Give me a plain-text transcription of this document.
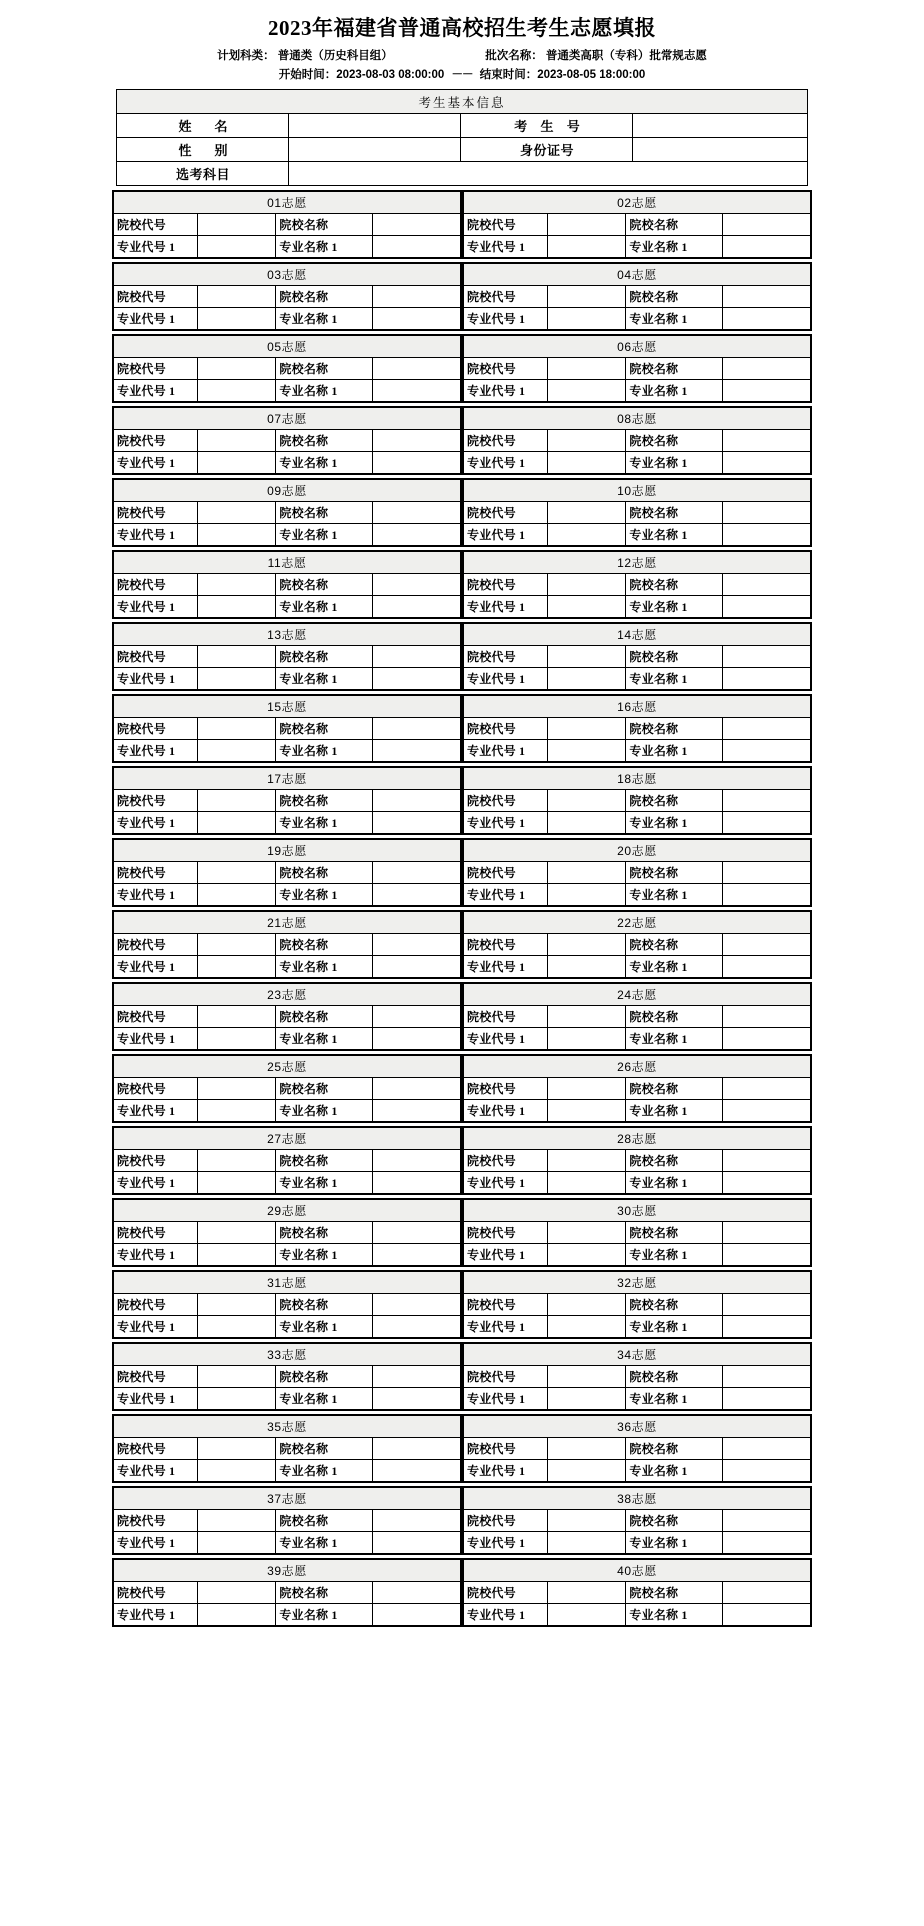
2023年福建省普通高校招生考生志愿填报
计划科类： 普通类（历史科目组）	批次名称： 普通类高职（专科）批常规志愿
开始时间：2023-08-03 08:00:00 －－ 结束时间：2023-08-05 18:00:00
考生基本信息			
姓　名		考 生 号	
性　别		身份证号	
选考科目			
01志愿
院校代号		院校名称	
专业代号 1		专业名称 1	

02志愿
院校代号		院校名称	
专业代号 1		专业名称 1	

03志愿
院校代号		院校名称	
专业代号 1		专业名称 1	

04志愿
院校代号		院校名称	
专业代号 1		专业名称 1	

05志愿
院校代号		院校名称	
专业代号 1		专业名称 1	

06志愿
院校代号		院校名称	
专业代号 1		专业名称 1	

07志愿
院校代号		院校名称	
专业代号 1		专业名称 1	

08志愿
院校代号		院校名称	
专业代号 1		专业名称 1	

09志愿
院校代号		院校名称	
专业代号 1		专业名称 1	

10志愿
院校代号		院校名称	
专业代号 1		专业名称 1	

11志愿
院校代号		院校名称	
专业代号 1		专业名称 1	

12志愿
院校代号		院校名称	
专业代号 1		专业名称 1	

13志愿
院校代号		院校名称	
专业代号 1		专业名称 1	

14志愿
院校代号		院校名称	
专业代号 1		专业名称 1	

15志愿
院校代号		院校名称	
专业代号 1		专业名称 1	

16志愿
院校代号		院校名称	
专业代号 1		专业名称 1	

17志愿
院校代号		院校名称	
专业代号 1		专业名称 1	

18志愿
院校代号		院校名称	
专业代号 1		专业名称 1	

19志愿
院校代号		院校名称	
专业代号 1		专业名称 1	

20志愿
院校代号		院校名称	
专业代号 1		专业名称 1	

21志愿
院校代号		院校名称	
专业代号 1		专业名称 1	

22志愿
院校代号		院校名称	
专业代号 1		专业名称 1	

23志愿
院校代号		院校名称	
专业代号 1		专业名称 1	

24志愿
院校代号		院校名称	
专业代号 1		专业名称 1	

25志愿
院校代号		院校名称	
专业代号 1		专业名称 1	

26志愿
院校代号		院校名称	
专业代号 1		专业名称 1	

27志愿
院校代号		院校名称	
专业代号 1		专业名称 1	

28志愿
院校代号		院校名称	
专业代号 1		专业名称 1	

29志愿
院校代号		院校名称	
专业代号 1		专业名称 1	

30志愿
院校代号		院校名称	
专业代号 1		专业名称 1	

31志愿
院校代号		院校名称	
专业代号 1		专业名称 1	

32志愿
院校代号		院校名称	
专业代号 1		专业名称 1	

33志愿
院校代号		院校名称	
专业代号 1		专业名称 1	

34志愿
院校代号		院校名称	
专业代号 1		专业名称 1	

35志愿
院校代号		院校名称	
专业代号 1		专业名称 1	

36志愿
院校代号		院校名称	
专业代号 1		专业名称 1	

37志愿
院校代号		院校名称	
专业代号 1		专业名称 1	

38志愿
院校代号		院校名称	
专业代号 1		专业名称 1	

39志愿
院校代号		院校名称	
专业代号 1		专业名称 1	

40志愿
院校代号		院校名称	
专业代号 1		专业名称 1	
